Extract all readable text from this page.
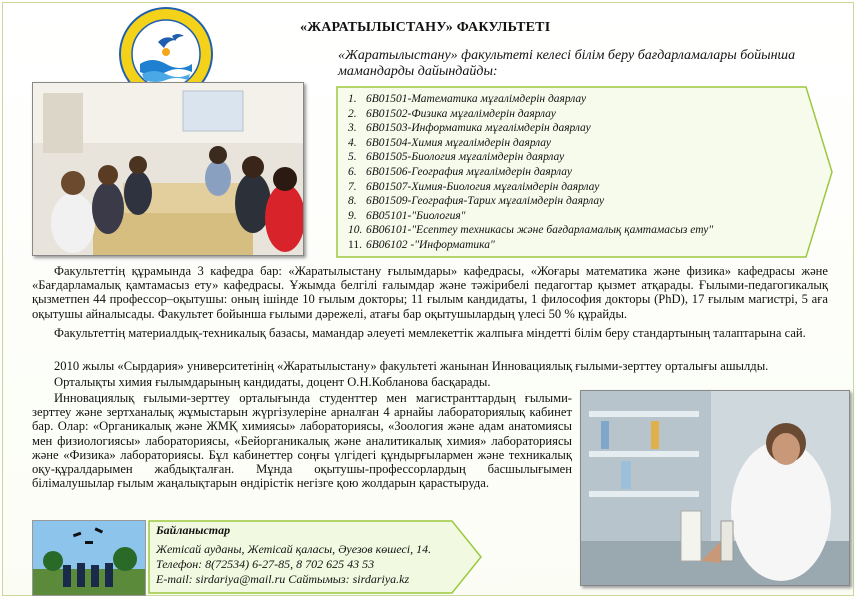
«ЖАРАТЫЛЫСТАНУ» ФАКУЛЬТЕТІ
«Жаратылыстану» факультеті келесі білім беру бағдарламалары бойынша мамандарды дайындайды:
1. 6В01501-Математика мұғалімдерін даярлау
2. 6В01502-Физика мұғалімдерін даярлау
3. 6В01503-Информатика мұғалімдерін даярлау
4. 6В01504-Химия мұғалімдерін даярлау
5. 6В01505-Биология мұғалімдерін даярлау
6. 6В01506-География мұғалімдерін даярлау
7. 6В01507-Химия-Биология мұғалімдерін даярлау
8. 6В01509-География-Тарих мұғалімдерін даярлау
9. 6В05101-"Биология"
10. 6В06101-"Есептеу техникасы және бағдарламалық қамтамасыз ету"
11. 6В06102 -"Информатика"

Факультеттің құрамында 3 кафедра бар: «Жаратылыстану ғылымдары» кафедрасы, «Жоғары математика және физика» кафедрасы және «Бағдарламалық қамтамасыз ету» кафедрасы. Ұжымда белгілі ғалымдар және тәжірибелі педагогтар қызмет атқарады. Ғылыми-педагогикалық қызметпен 44 профессор–оқытушы: оның ішінде 10 ғылым докторы; 11 ғылым кандидаты, 1 философия докторы (PhD), 17 ғылым магистрі, 5 аға оқытушы айналысады. Факультет бойынша ғылыми дәрежелі, атағы бар оқытушылардың үлесі 50 % құрайды.

Факультеттің материалдық-техникалық базасы, мамандар әлеуеті мемлекеттік жалпыға міндетті білім беру стандартының талаптарына сай.

2010 жылы «Сырдария» университетінің «Жаратылыстану» факультеті жанынан Инновациялық ғылыми-зерттеу орталығы ашылды.

Орталықты химия ғылымдарының кандидаты, доцент О.Н.Кобланова басқарады.

Инновациялық ғылыми-зерттеу орталығында студенттер мен магистранттардың ғылыми-зерттеу және зертханалық жұмыстарын жүргізулеріне арналған 4 арнайы лабораториялық кабинет бар. Олар: «Органикалық және ЖМҚ химиясы» лабораториясы, «Зоология және адам анатомиясы мен физиологиясы» лабораториясы, «Бейорганикалық және аналитикалық химия» лабораториясы және «Физика» лабораториясы. Бұл кабинеттер соңғы үлгідегі құндырғылармен және техникалық оқу-құралдарымен жабдықталған. Мұнда оқытушы-профессорлардың басшылығымен білімалушылар ғылым жаңалықтарын өндірістік негізге қою жолдарын қарастыруда.

Байланыстар
Жетісай ауданы, Жетісай қаласы, Әуезов көшесі, 14.
Телефон: 8(72534) 6-27-85, 8 702 625 43 53
E-mail: sirdariya@mail.ru Сайтымыз: sirdariya.kz
